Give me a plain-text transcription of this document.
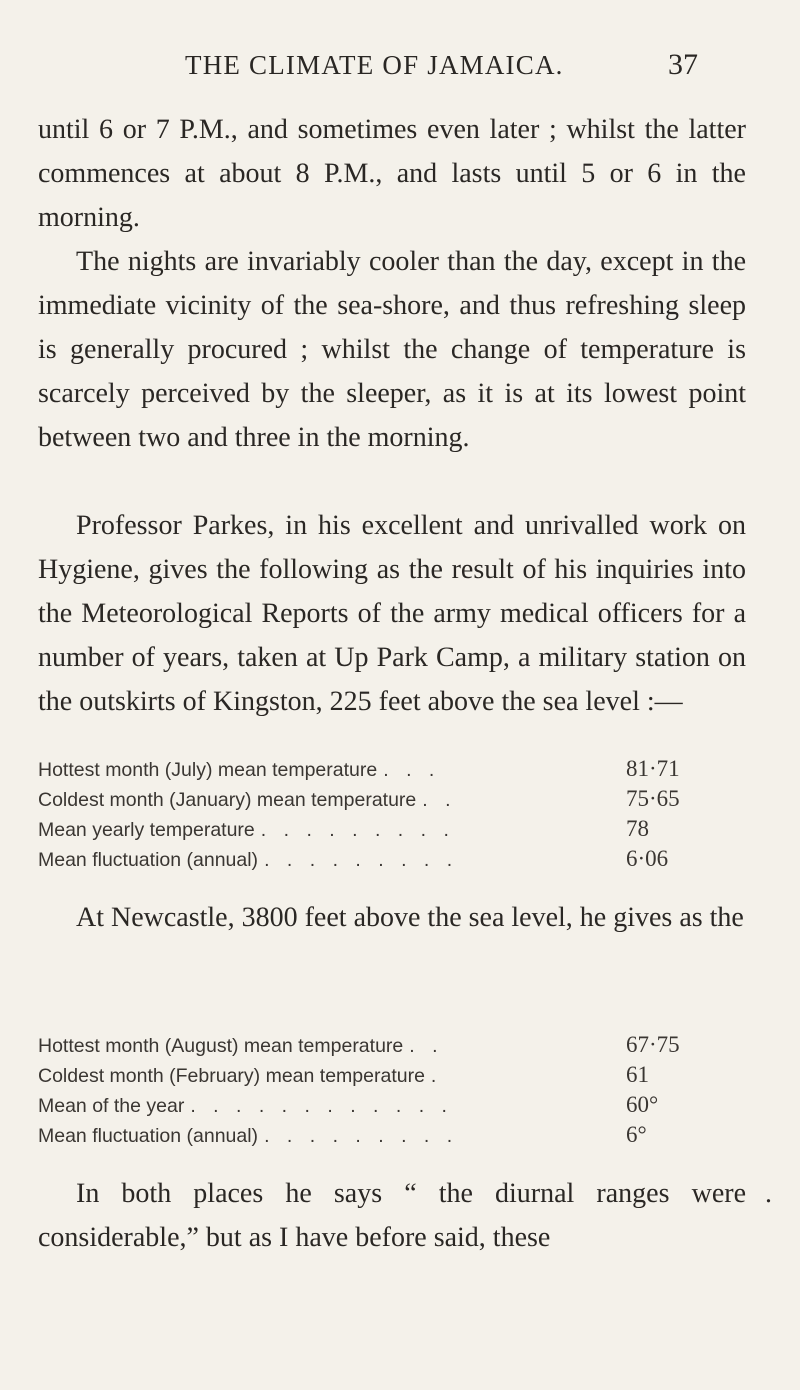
THE CLIMATE OF JAMAICA.	37

until 6 or 7 P.M., and sometimes even later ; whilst the latter commences at about 8 P.M., and lasts until 5 or 6 in the morning.

The nights are invariably cooler than the day, except in the immediate vicinity of the sea-shore, and thus refreshing sleep is generally procured ; whilst the change of temperature is scarcely perceived by the sleeper, as it is at its lowest point between two and three in the morning.

Professor Parkes, in his excellent and unrivalled work on Hygiene, gives the following as the result of his inquiries into the Meteorological Reports of the army medical officers for a number of years, taken at Up Park Camp, a military station on the outskirts of Kingston, 225 feet above the sea level :—

Hottest month (July) mean temperature . . .	81·71
Coldest month (January) mean temperature . .	75·65
Mean yearly temperature . . . . . . . . .	78
Mean fluctuation (annual) . . . . . . . . .	6·06

At Newcastle, 3800 feet above the sea level, he gives as the

Hottest month (August) mean temperature . .	67·75
Coldest month (February) mean temperature .	61
Mean of the year . . . . . . . . . . . .	60°
Mean fluctuation (annual) . . . . . . . . .	6°

In both places he says “ the diurnal ranges were considerable,” but as I have before said, these
.
